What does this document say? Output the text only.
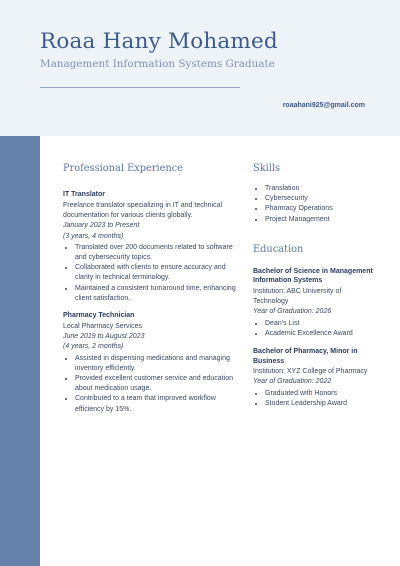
Roaa Hany Mohamed
Management Information Systems Graduate
roaahani925@gmail.com
Professional Experience

IT Translator

Freelance translator specializing in IT and technical documentation for various clients globally.

January 2023 to Present

(3 years, 4 months)

• Translated over 200 documents related to software and cybersecurity topics.
• Collaborated with clients to ensure accuracy and clarity in technical terminology.
• Maintained a consistent turnaround time, enhancing client satisfaction.

Pharmacy Technician

Local Pharmacy Services

June 2019 to August 2023

(4 years, 2 months)

• Assisted in dispensing medications and managing inventory efficiently.
• Provided excellent customer service and education about medication usage.
• Contributed to a team that improved workflow efficiency by 15%.
Skills
• Translation
• Cybersecurity
• Pharmacy Operations
• Project Management
Education

Bachelor of Science in Management Information Systems

Institution: ABC University of Technology

Year of Graduation: 2026

• Dean's List
• Academic Excellence Award

Bachelor of Pharmacy, Minor in Business

Institution: XYZ College of Pharmacy

Year of Graduation: 2022

• Graduated with Honors
• Student Leadership Award
